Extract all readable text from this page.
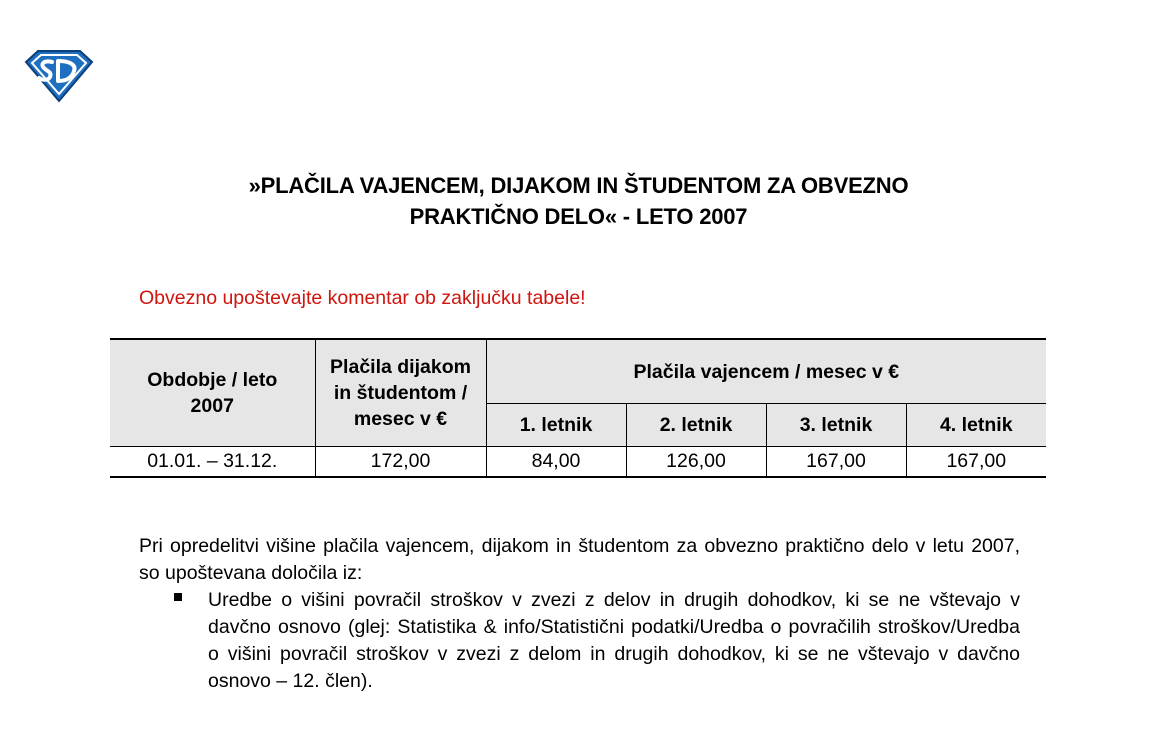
»PLAČILA VAJENCEM, DIJAKOM IN ŠTUDENTOM ZA OBVEZNO
PRAKTIČNO DELO« - LETO 2007
Obvezno upoštevajte komentar ob zaključku tabele!
Obdobje / leto 2007	Plačila dijakom in študentom / mesec v €	Plačila vajencem / mesec v €			
		1. letnik	2. letnik	3. letnik	4. letnik
01.01. – 31.12.	172,00	84,00	126,00	167,00	167,00

Pri opredelitvi višine plačila vajencem, dijakom in študentom za obvezno praktično delo v letu 2007, so upoštevana določila iz:

Uredbe o višini povračil stroškov v zvezi z delov in drugih dohodkov, ki se ne vštevajo v davčno osnovo (glej: Statistika & info/Statistični podatki/Uredba o povračilih stroškov/Uredba o višini povračil stroškov v zvezi z delom in drugih dohodkov, ki se ne vštevajo v davčno osnovo – 12. člen).
